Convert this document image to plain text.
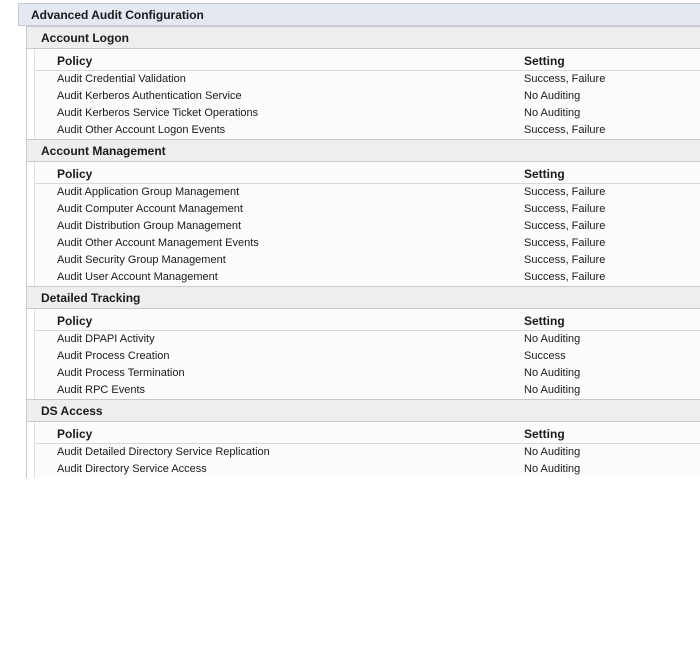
Advanced Audit Configuration
Account Logon
Policy	Setting
Audit Credential Validation	Success, Failure
Audit Kerberos Authentication Service	No Auditing
Audit Kerberos Service Ticket Operations	No Auditing
Audit Other Account Logon Events	Success, Failure
Account Management
Policy	Setting
Audit Application Group Management	Success, Failure
Audit Computer Account Management	Success, Failure
Audit Distribution Group Management	Success, Failure
Audit Other Account Management Events	Success, Failure
Audit Security Group Management	Success, Failure
Audit User Account Management	Success, Failure
Detailed Tracking
Policy	Setting
Audit DPAPI Activity	No Auditing
Audit Process Creation	Success
Audit Process Termination	No Auditing
Audit RPC Events	No Auditing
DS Access
Policy	Setting
Audit Detailed Directory Service Replication	No Auditing
Audit Directory Service Access	No Auditing
